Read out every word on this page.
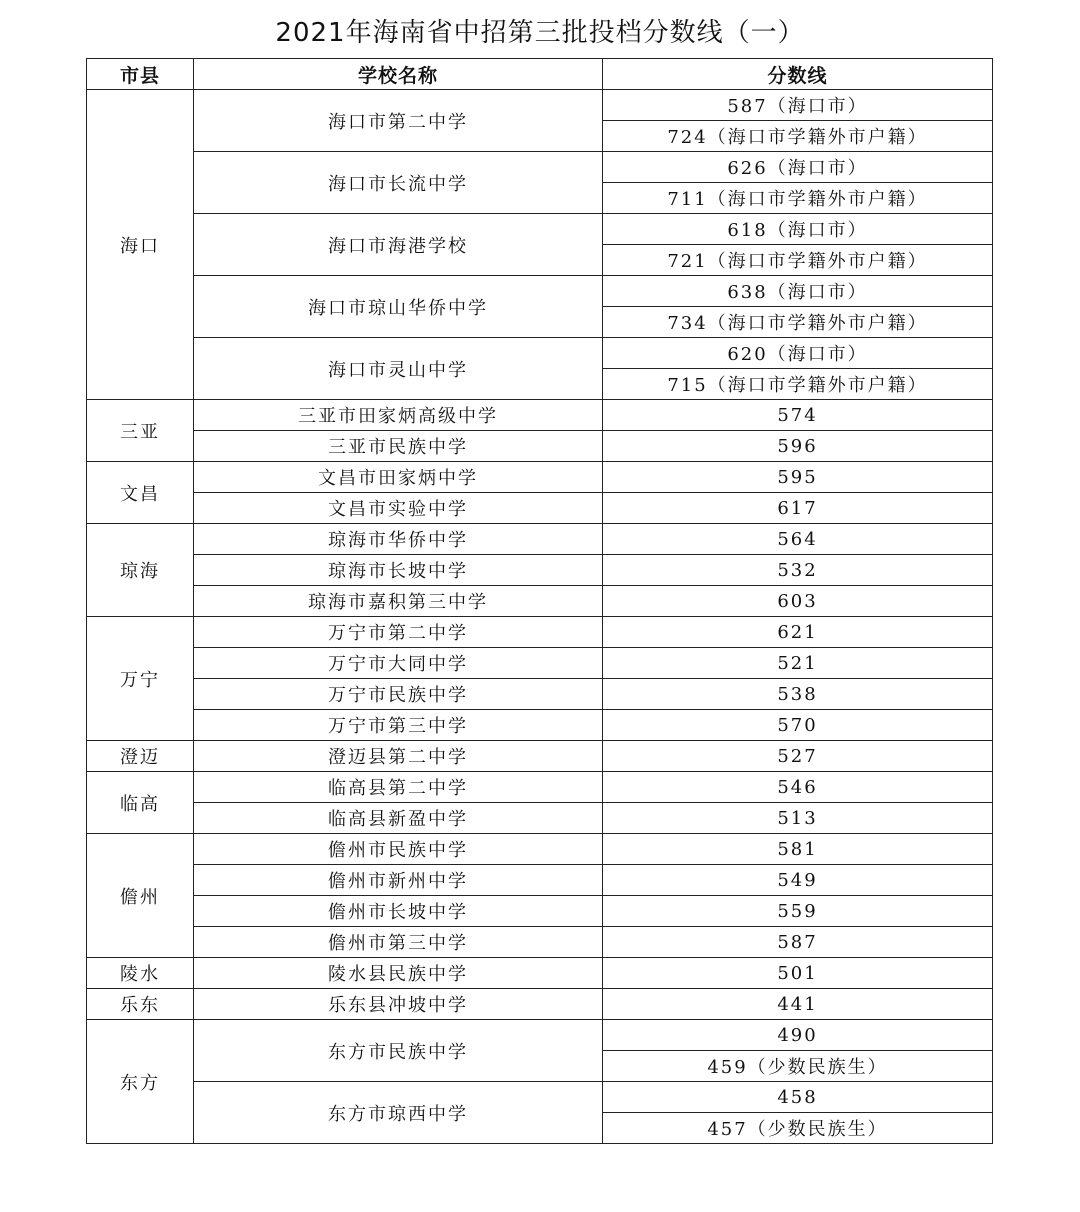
2021年海南省中招第三批投档分数线（一）
市县	学校名称	分数线
海口	海口市第二中学	587（海口市）
		724（海口市学籍外市户籍）
	海口市长流中学	626（海口市）
		711（海口市学籍外市户籍）
	海口市海港学校	618（海口市）
		721（海口市学籍外市户籍）
	海口市琼山华侨中学	638（海口市）
		734（海口市学籍外市户籍）
	海口市灵山中学	620（海口市）
		715（海口市学籍外市户籍）
三亚	三亚市田家炳高级中学	574
	三亚市民族中学	596
文昌	文昌市田家炳中学	595
	文昌市实验中学	617
琼海	琼海市华侨中学	564
	琼海市长坡中学	532
	琼海市嘉积第三中学	603
万宁	万宁市第二中学	621
	万宁市大同中学	521
	万宁市民族中学	538
	万宁市第三中学	570
澄迈	澄迈县第二中学	527
临高	临高县第二中学	546
	临高县新盈中学	513
儋州	儋州市民族中学	581
	儋州市新州中学	549
	儋州市长坡中学	559
	儋州市第三中学	587
陵水	陵水县民族中学	501
乐东	乐东县冲坡中学	441
东方	东方市民族中学	490
		459（少数民族生）
	东方市琼西中学	458
		457（少数民族生）
